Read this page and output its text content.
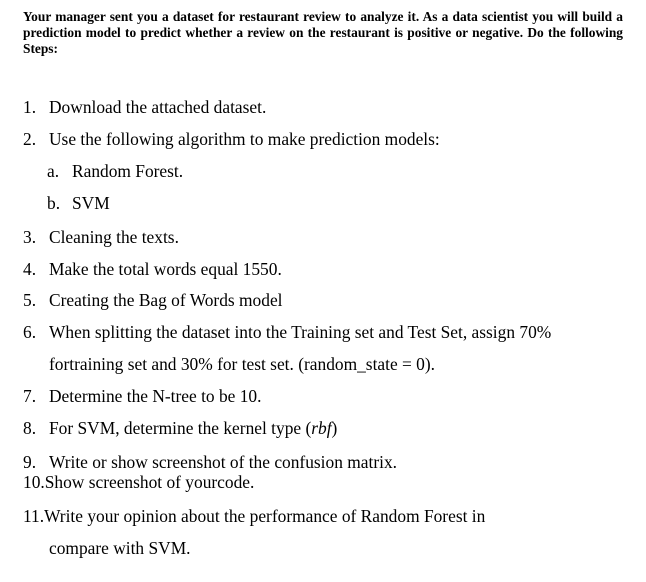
Your manager sent you a dataset for restaurant review to analyze it. As a data scientist you will build a prediction model to predict whether a review on the restaurant is positive or negative. Do the following Steps:
1. Download the attached dataset.
2. Use the following algorithm to make prediction models:
a. Random Forest.
b. SVM
3. Cleaning the texts.
4. Make the total words equal 1550.
5. Creating the Bag of Words model
6. When splitting the dataset into the Training set and Test Set, assign 70%
fortraining set and 30% for test set. (random_state = 0).
7. Determine the N-tree to be 10.
8. For SVM, determine the kernel type (rbf)
9. Write or show screenshot of the confusion matrix.
10.Show screenshot of yourcode.
11.Write your opinion about the performance of Random Forest in
compare with SVM.
